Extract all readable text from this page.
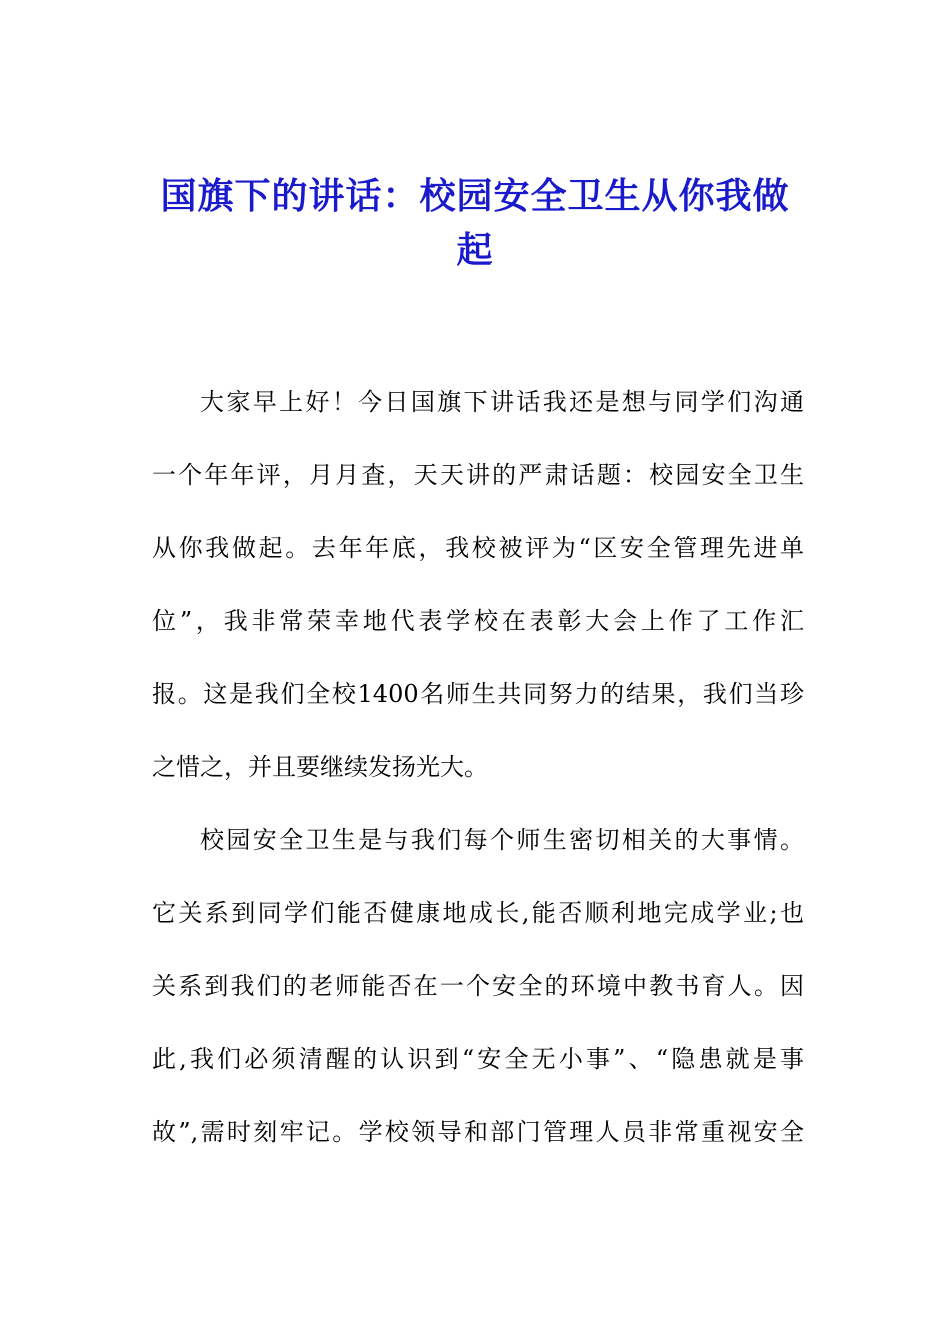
国旗下的讲话：校园安全卫生从你我做
起
大家早上好！今日国旗下讲话我还是想与同学们沟通
一个年年评，月月査，天天讲的严肃话题：校园安全卫生
从你我做起。去年年底，我校被评为“区安全管理先进单
位”，我非常荣幸地代表学校在表彰大会上作了工作汇
报。这是我们全校1400名师生共同努力的结果，我们当珍
之惜之，并且要继续发扬光大。
校园安全卫生是与我们每个师生密切相关的大事情。
它关系到同学们能否健康地成长,能否顺利地完成学业;也
关系到我们的老师能否在一个安全的环境中教书育人。因
此,我们必须清醒的认识到“安全无小事”、“隐患就是事
故”,需时刻牢记。学校领导和部门管理人员非常重视安全
